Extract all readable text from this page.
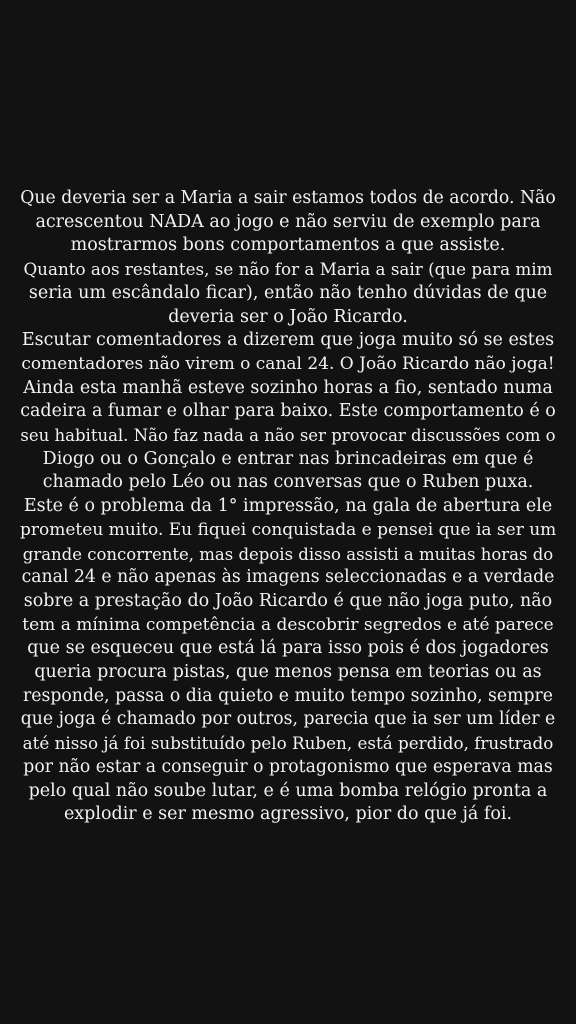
Que deveria ser a Maria a sair estamos todos de acordo. Não
acrescentou NADA ao jogo e não serviu de exemplo para
mostrarmos bons comportamentos a que assiste.
Quanto aos restantes, se não for a Maria a sair (que para mim
seria um escândalo ficar), então não tenho dúvidas de que
deveria ser o João Ricardo.
Escutar comentadores a dizerem que joga muito só se estes
comentadores não virem o canal 24. O João Ricardo não joga!
Ainda esta manhã esteve sozinho horas a fio, sentado numa
cadeira a fumar e olhar para baixo. Este comportamento é o
seu habitual. Não faz nada a não ser provocar discussões com o
Diogo ou o Gonçalo e entrar nas brincadeiras em que é
chamado pelo Léo ou nas conversas que o Ruben puxa.
Este é o problema da 1° impressão, na gala de abertura ele
prometeu muito. Eu fiquei conquistada e pensei que ia ser um
grande concorrente, mas depois disso assisti a muitas horas do
canal 24 e não apenas às imagens seleccionadas e a verdade
sobre a prestação do João Ricardo é que não joga puto, não
tem a mínima competência a descobrir segredos e até parece
que se esqueceu que está lá para isso pois é dos jogadores
queria procura pistas, que menos pensa em teorias ou as
responde, passa o dia quieto e muito tempo sozinho, sempre
que joga é chamado por outros, parecia que ia ser um líder e
até nisso já foi substituído pelo Ruben, está perdido, frustrado
por não estar a conseguir o protagonismo que esperava mas
pelo qual não soube lutar, e é uma bomba relógio pronta a
explodir e ser mesmo agressivo, pior do que já foi.
